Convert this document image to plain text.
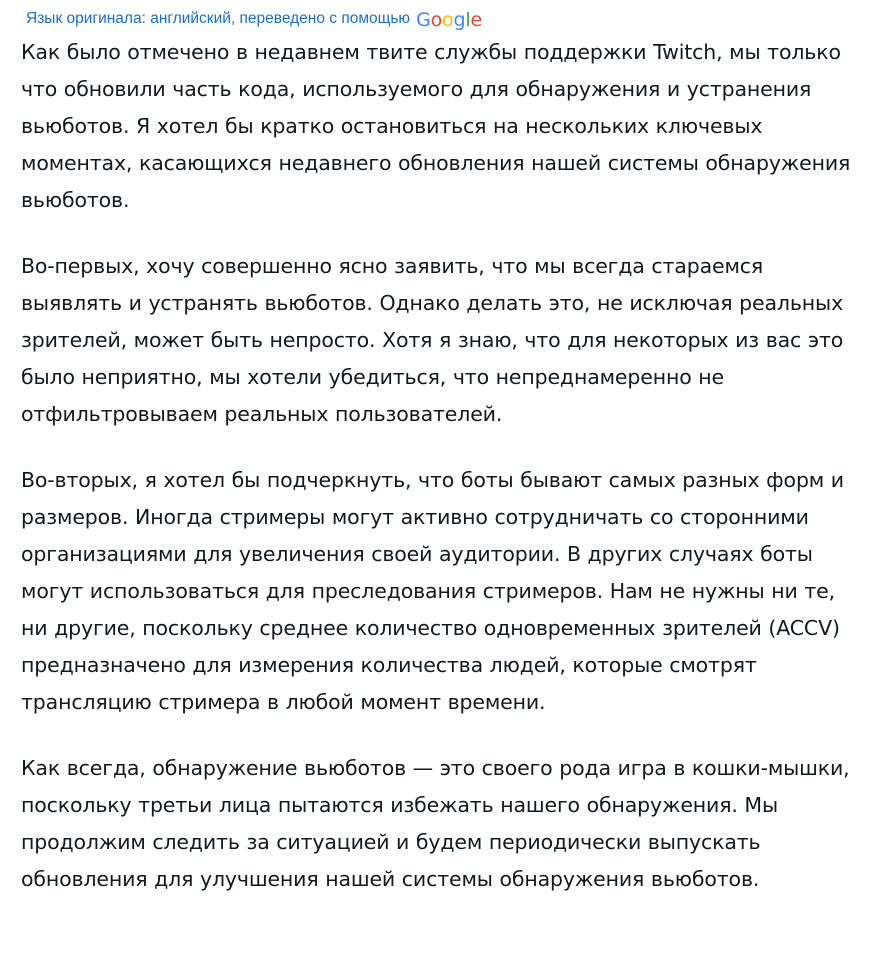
Язык оригинала: английский, переведено с помощью Google

Как было отмечено в недавнем твите службы поддержки Twitch, мы только что обновили часть кода, используемого для обнаружения и устранения вьюботов. Я хотел бы кратко остановиться на нескольких ключевых моментах, касающихся недавнего обновления нашей системы обнаружения вьюботов.

Во-первых, хочу совершенно ясно заявить, что мы всегда стараемся выявлять и устранять вьюботов. Однако делать это, не исключая реальных зрителей, может быть непросто. Хотя я знаю, что для некоторых из вас это было неприятно, мы хотели убедиться, что непреднамеренно не отфильтровываем реальных пользователей.

Во-вторых, я хотел бы подчеркнуть, что боты бывают самых разных форм и размеров. Иногда стримеры могут активно сотрудничать со сторонними организациями для увеличения своей аудитории. В других случаях боты могут использоваться для преследования стримеров. Нам не нужны ни те, ни другие, поскольку среднее количество одновременных зрителей (ACCV) предназначено для измерения количества людей, которые смотрят трансляцию стримера в любой момент времени.

Как всегда, обнаружение вьюботов — это своего рода игра в кошки-мышки, поскольку третьи лица пытаются избежать нашего обнаружения. Мы продолжим следить за ситуацией и будем периодически выпускать обновления для улучшения нашей системы обнаружения вьюботов.
